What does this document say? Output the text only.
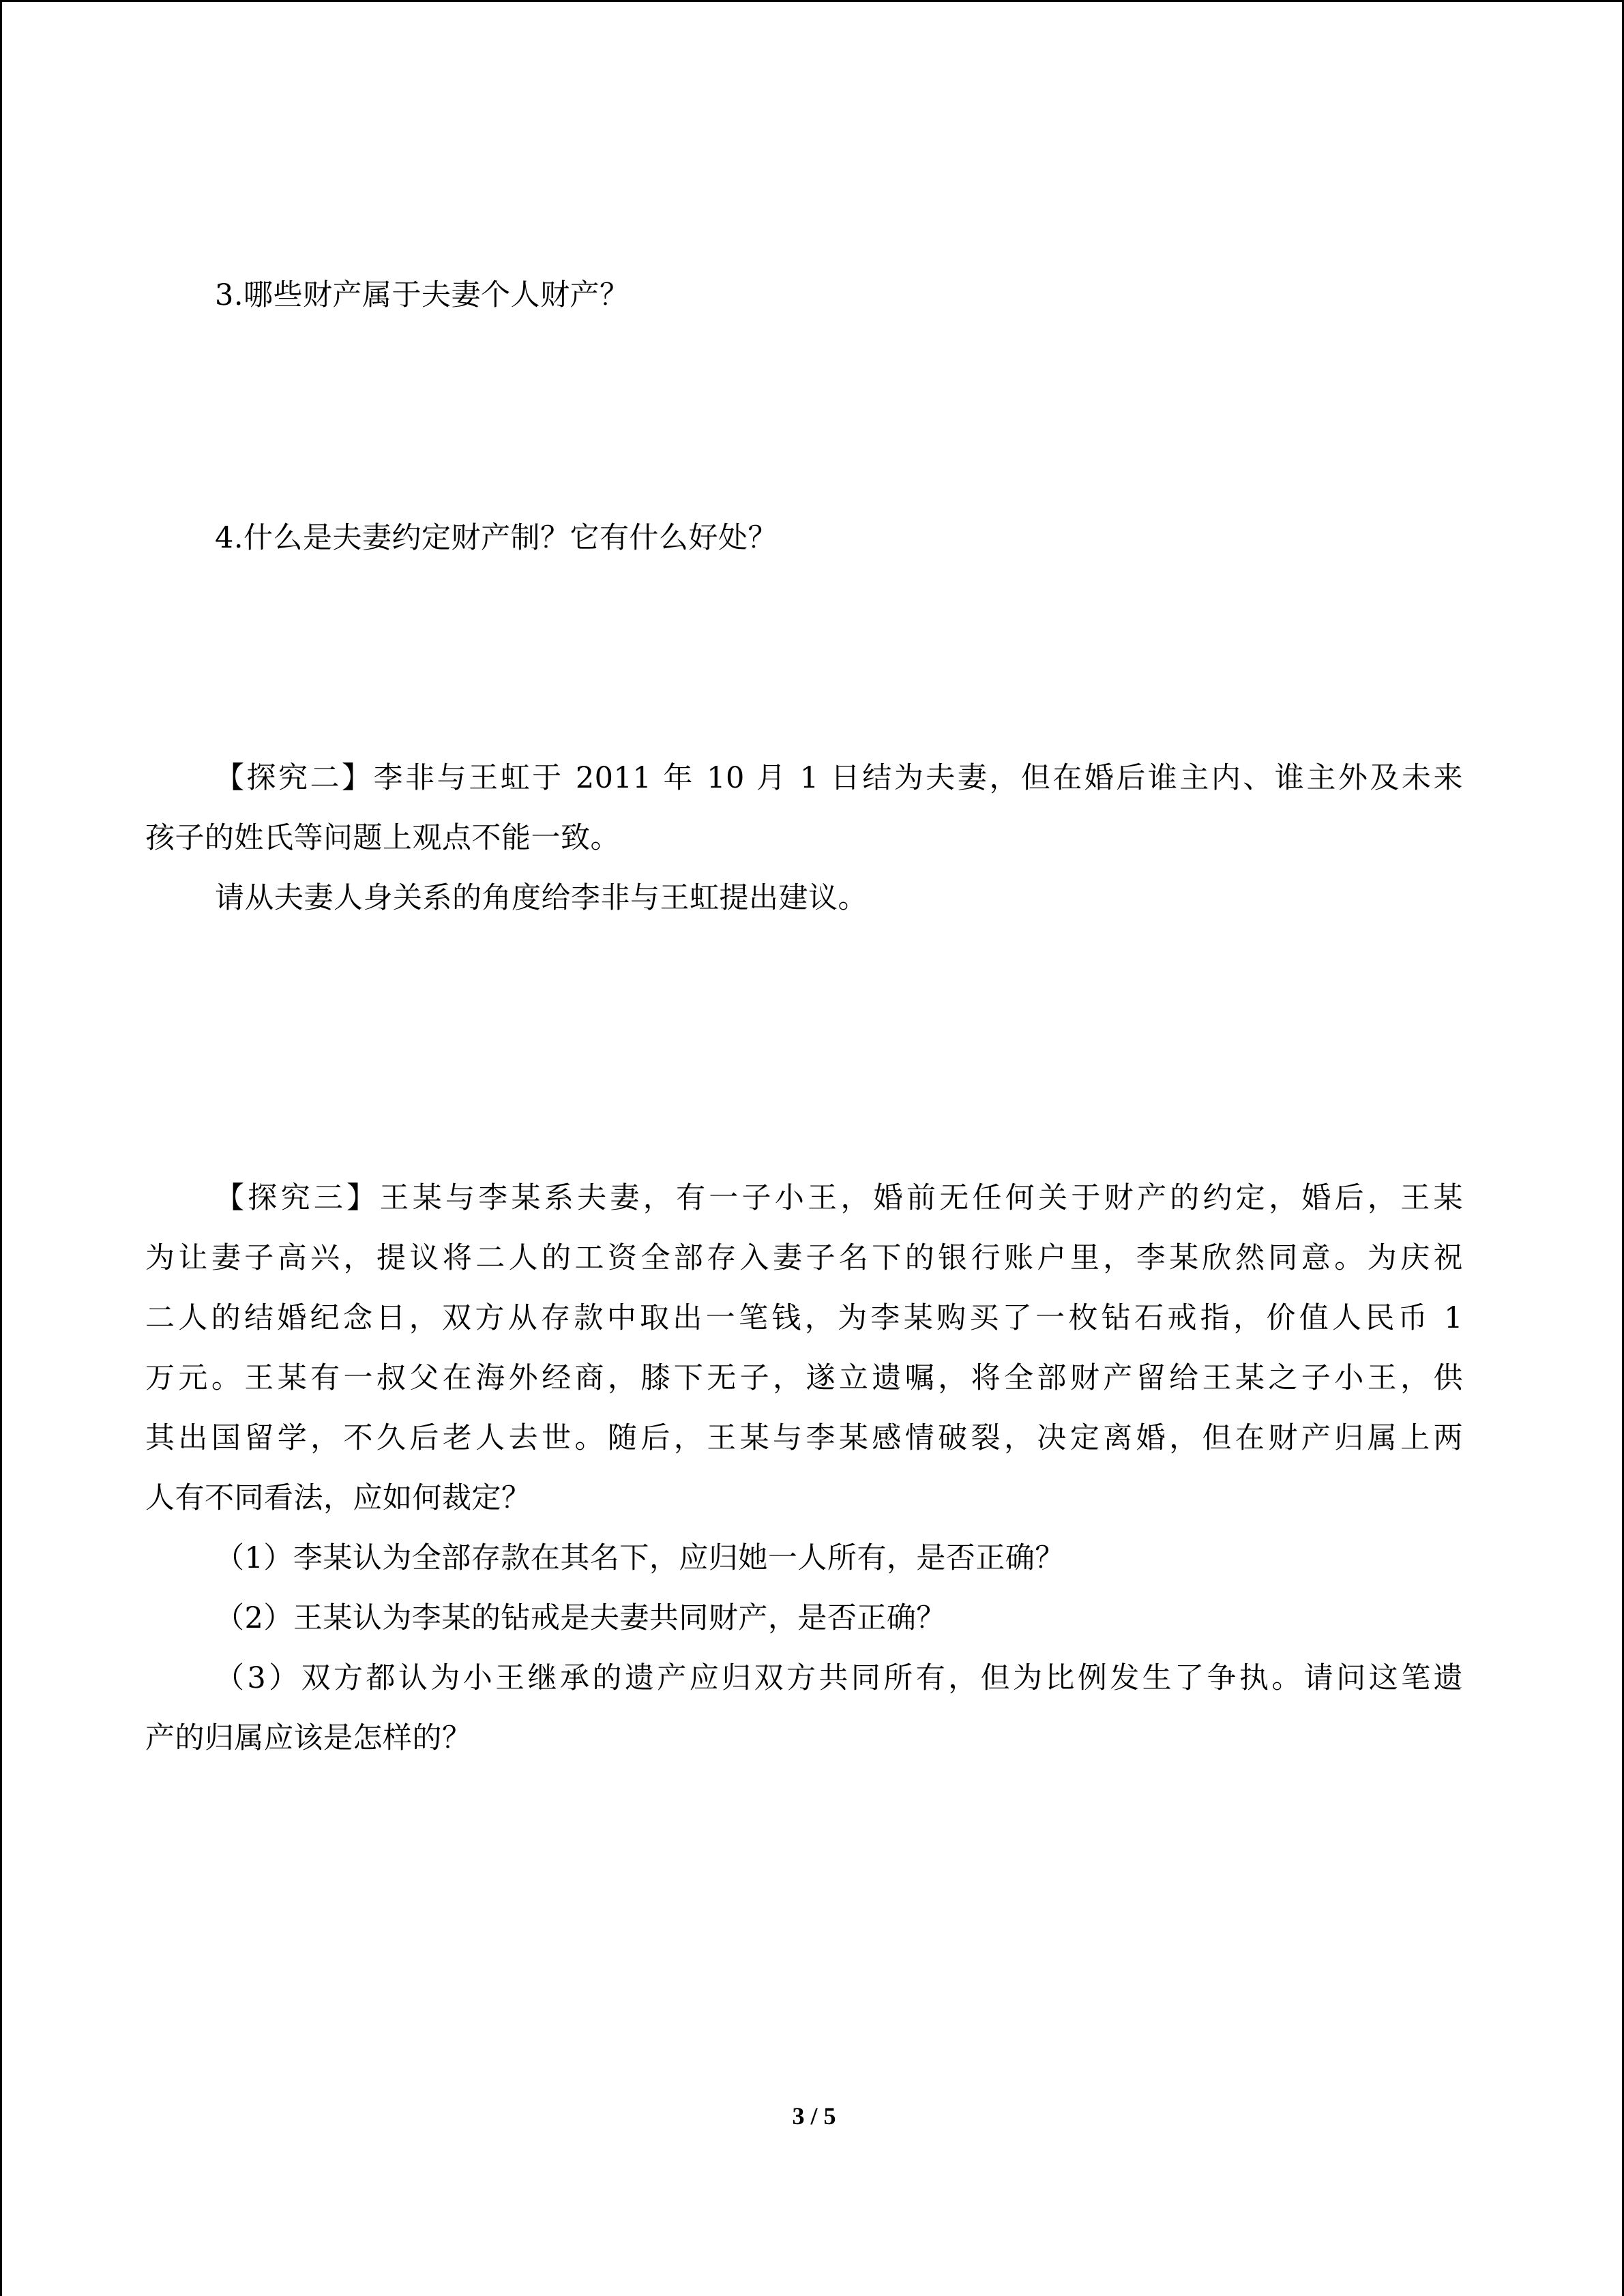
3.哪些财产属于夫妻个人财产？
4.什么是夫妻约定财产制？它有什么好处？
【探究二】李非与王虹于 2011 年 10 月 1 日结为夫妻，但在婚后谁主内、谁主外及未来
孩子的姓氏等问题上观点不能一致。
请从夫妻人身关系的角度给李非与王虹提出建议。
【探究三】王某与李某系夫妻，有一子小王，婚前无任何关于财产的约定，婚后，王某
为让妻子高兴，提议将二人的工资全部存入妻子名下的银行账户里，李某欣然同意。为庆祝
二人的结婚纪念日，双方从存款中取出一笔钱，为李某购买了一枚钻石戒指，价值人民币 1
万元。王某有一叔父在海外经商，膝下无子，遂立遗嘱，将全部财产留给王某之子小王，供
其出国留学，不久后老人去世。随后，王某与李某感情破裂，决定离婚，但在财产归属上两
人有不同看法，应如何裁定？
（1）李某认为全部存款在其名下，应归她一人所有，是否正确？
（2）王某认为李某的钻戒是夫妻共同财产，是否正确？
（3）双方都认为小王继承的遗产应归双方共同所有，但为比例发生了争执。请问这笔遗
产的归属应该是怎样的？
3 / 5
